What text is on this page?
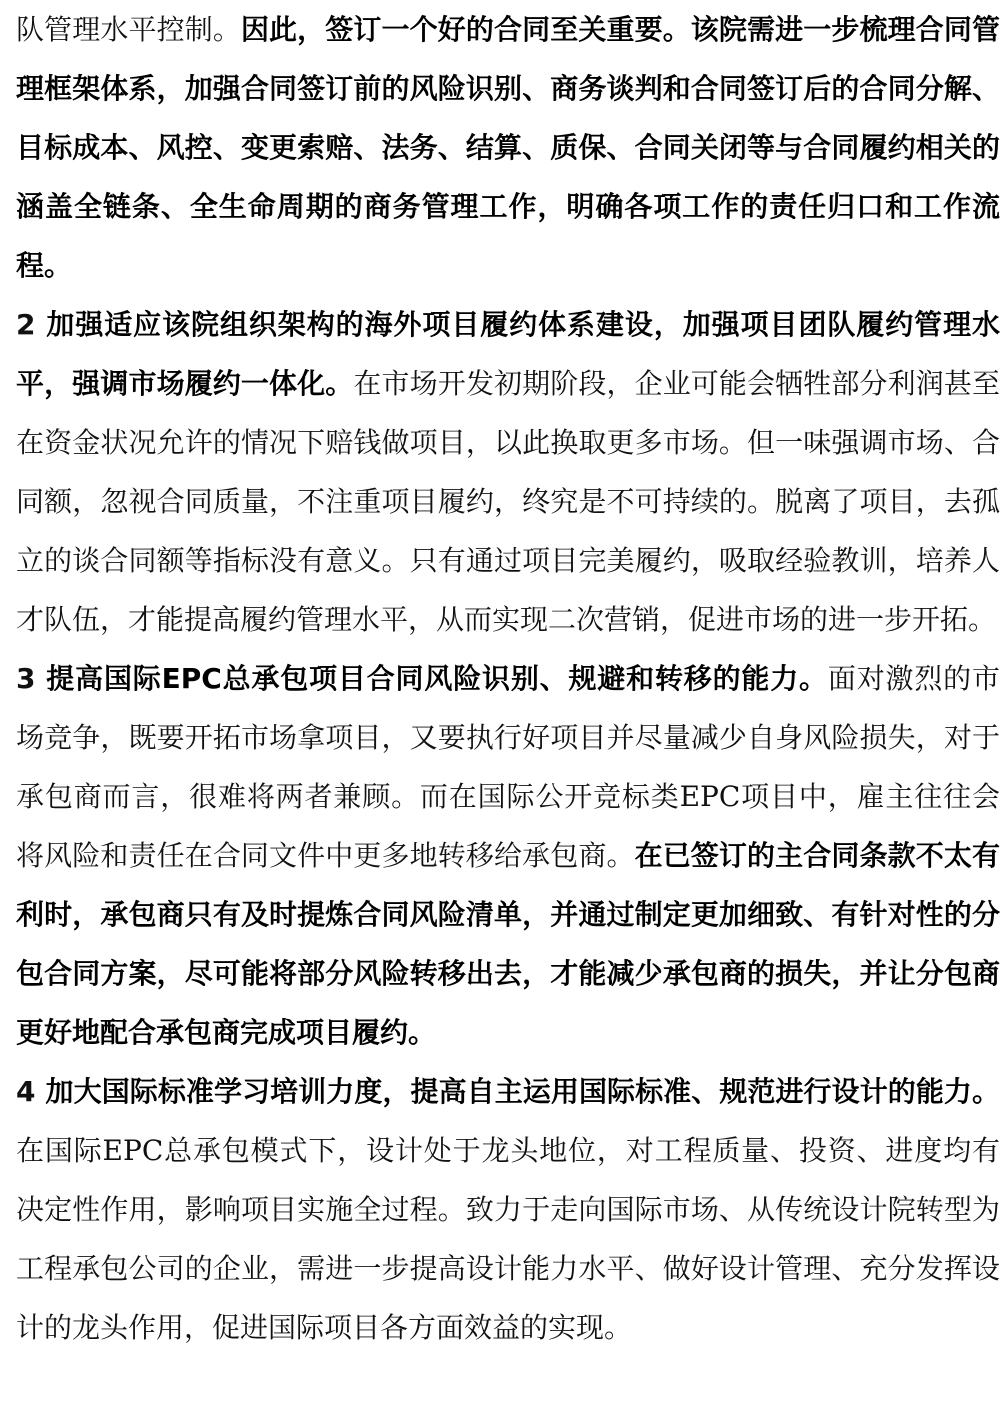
队管理水平控制。因此，签订一个好的合同至关重要。该院需进一步梳理合同管理框架体系，加强合同签订前的风险识别、商务谈判和合同签订后的合同分解、目标成本、风控、变更索赔、法务、结算、质保、合同关闭等与合同履约相关的涵盖全链条、全生命周期的商务管理工作，明确各项工作的责任归口和工作流程。

2 加强适应该院组织架构的海外项目履约体系建设，加强项目团队履约管理水平，强调市场履约一体化。在市场开发初期阶段，企业可能会牺牲部分利润甚至在资金状况允许的情况下赔钱做项目，以此换取更多市场。但一味强调市场、合同额，忽视合同质量，不注重项目履约，终究是不可持续的。脱离了项目，去孤立的谈合同额等指标没有意义。只有通过项目完美履约，吸取经验教训，培养人才队伍，才能提高履约管理水平，从而实现二次营销，促进市场的进一步开拓。

3 提高国际EPC总承包项目合同风险识别、规避和转移的能力。面对激烈的市场竞争，既要开拓市场拿项目，又要执行好项目并尽量减少自身风险损失，对于承包商而言，很难将两者兼顾。而在国际公开竞标类EPC项目中，雇主往往会将风险和责任在合同文件中更多地转移给承包商。在已签订的主合同条款不太有利时，承包商只有及时提炼合同风险清单，并通过制定更加细致、有针对性的分包合同方案，尽可能将部分风险转移出去，才能减少承包商的损失，并让分包商更好地配合承包商完成项目履约。

4 加大国际标准学习培训力度，提高自主运用国际标准、规范进行设计的能力。在国际EPC总承包模式下，设计处于龙头地位，对工程质量、投资、进度均有决定性作用，影响项目实施全过程。致力于走向国际市场、从传统设计院转型为工程承包公司的企业，需进一步提高设计能力水平、做好设计管理、充分发挥设计的龙头作用，促进国际项目各方面效益的实现。
